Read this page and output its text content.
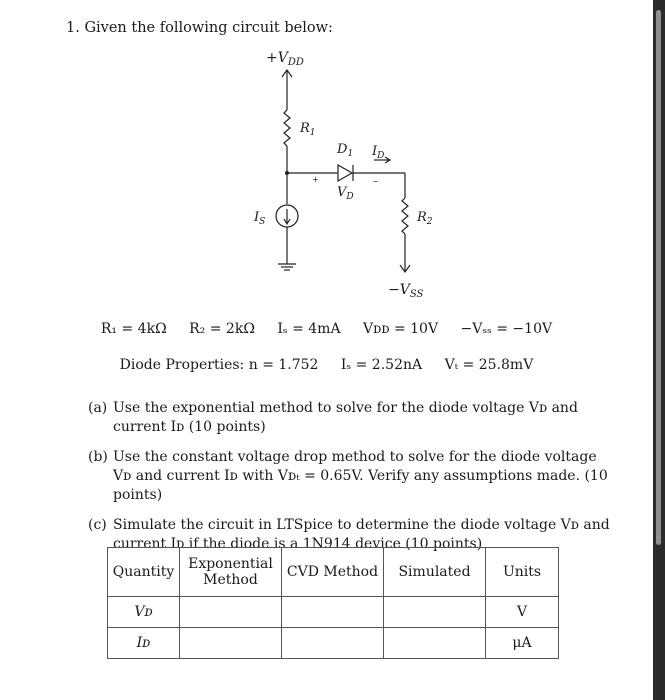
1. Given the following circuit below:
$+V_{DD}$
$R_1$
$D_1$ $I_D$
+	–
$V_D$
$I_S$	$R_2$
$-V_{SS}$
R₁ = 4kΩ R₂ = 2kΩ Iₛ = 4mA Vᴅᴅ = 10V −Vₛₛ = −10V
Diode Properties: n = 1.752 Iₛ = 2.52nA Vₜ = 25.8mV
(a) Use the exponential method to solve for the diode voltage Vᴅ and current Iᴅ (10 points)
(b) Use the constant voltage drop method to solve for the diode voltage Vᴅ and current Iᴅ with Vᴅₜ = 0.65V. Verify any assumptions made. (10 points)
(c) Simulate the circuit in LTSpice to determine the diode voltage Vᴅ and current Iᴅ if the diode is a 1N914 device (10 points)
Quantity	Exponential Method	CVD Method	Simulated	Units
Vᴅ				V
Iᴅ				μA
